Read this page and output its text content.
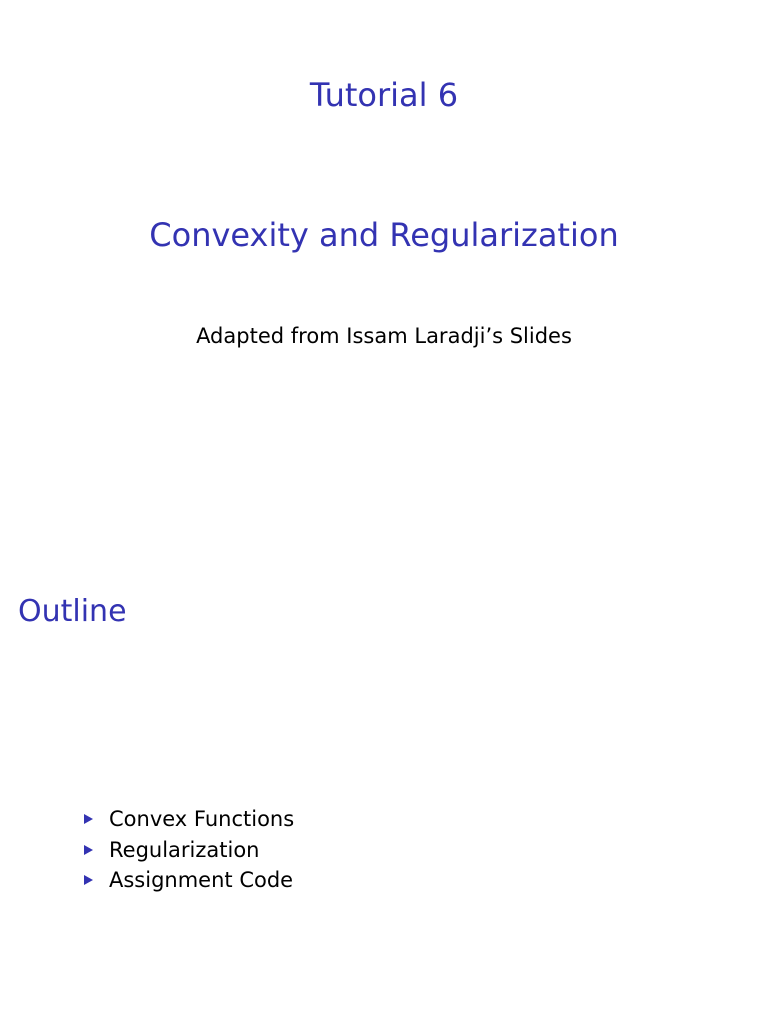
Tutorial 6
Convexity and Regularization

Adapted from Issam Laradji’s Slides

Outline
Convex Functions
Regularization
Assignment Code
